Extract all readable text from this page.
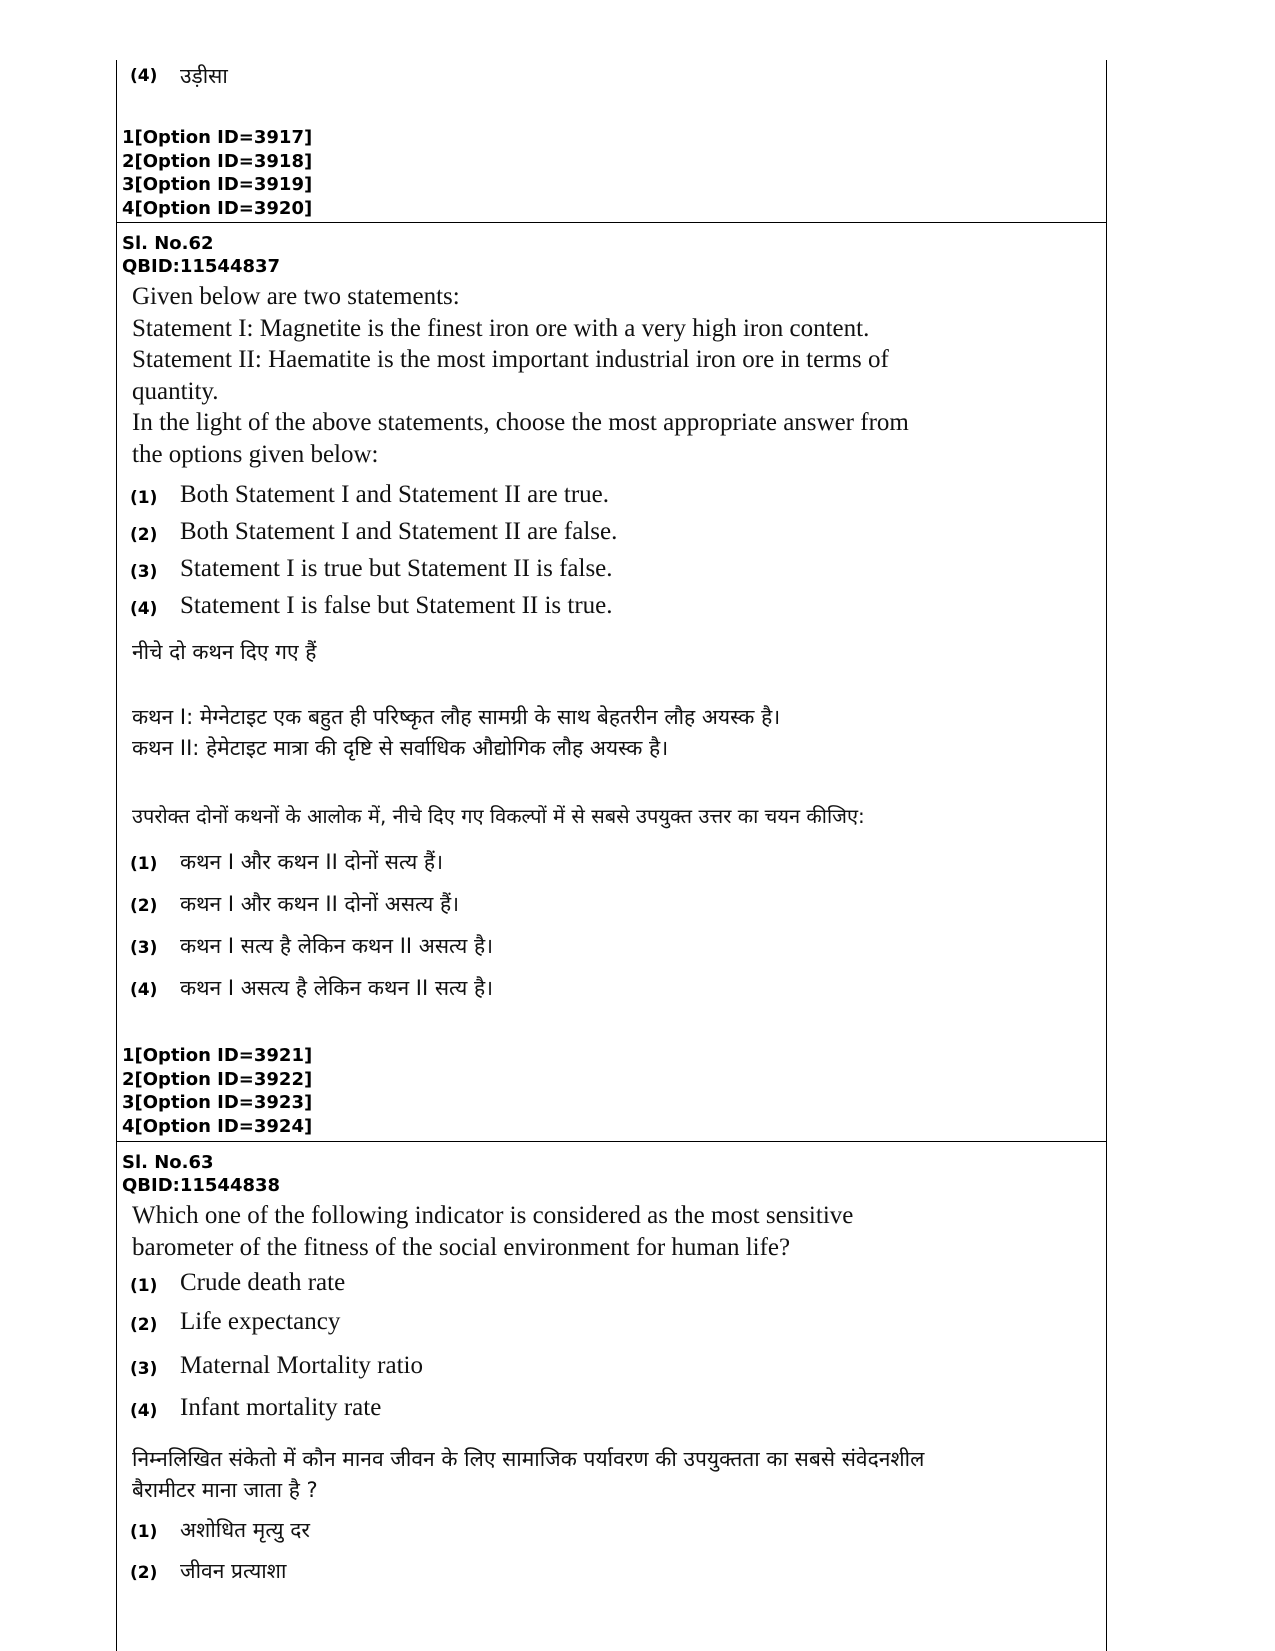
(4) उड़ीसा
1[Option ID=3917]
2[Option ID=3918]
3[Option ID=3919]
4[Option ID=3920]
Sl. No.62
QBID:11544837
Given below are two statements:
Statement I: Magnetite is the finest iron ore with a very high iron content.
Statement II: Haematite is the most important industrial iron ore in terms of
quantity.
In the light of the above statements, choose the most appropriate answer from
the options given below:
(1) Both Statement I and Statement II are true.
(2) Both Statement I and Statement II are false.
(3) Statement I is true but Statement II is false.
(4) Statement I is false but Statement II is true.
नीचे दो कथन दिए गए हैं
कथन I: मेग्नेटाइट एक बहुत ही परिष्कृत लौह सामग्री के साथ बेहतरीन लौह अयस्क है।
कथन II: हेमेटाइट मात्रा की दृष्टि से सर्वाधिक औद्योगिक लौह अयस्क है।
उपरोक्त दोनों कथनों के आलोक में, नीचे दिए गए विकल्पों में से सबसे उपयुक्त उत्तर का चयन कीजिए:
(1) कथन I और कथन II दोनों सत्य हैं।
(2) कथन I और कथन II दोनों असत्य हैं।
(3) कथन I सत्य है लेकिन कथन II असत्य है।
(4) कथन I असत्य है लेकिन कथन II सत्य है।
1[Option ID=3921]
2[Option ID=3922]
3[Option ID=3923]
4[Option ID=3924]
Sl. No.63
QBID:11544838
Which one of the following indicator is considered as the most sensitive
barometer of the fitness of the social environment for human life?
(1) Crude death rate
(2) Life expectancy
(3) Maternal Mortality ratio
(4) Infant mortality rate
निम्नलिखित संकेतो में कौन मानव जीवन के लिए सामाजिक पर्यावरण की उपयुक्तता का सबसे संवेदनशील
बैरामीटर माना जाता है ?
(1) अशोधित मृत्यु दर
(2) जीवन प्रत्याशा
